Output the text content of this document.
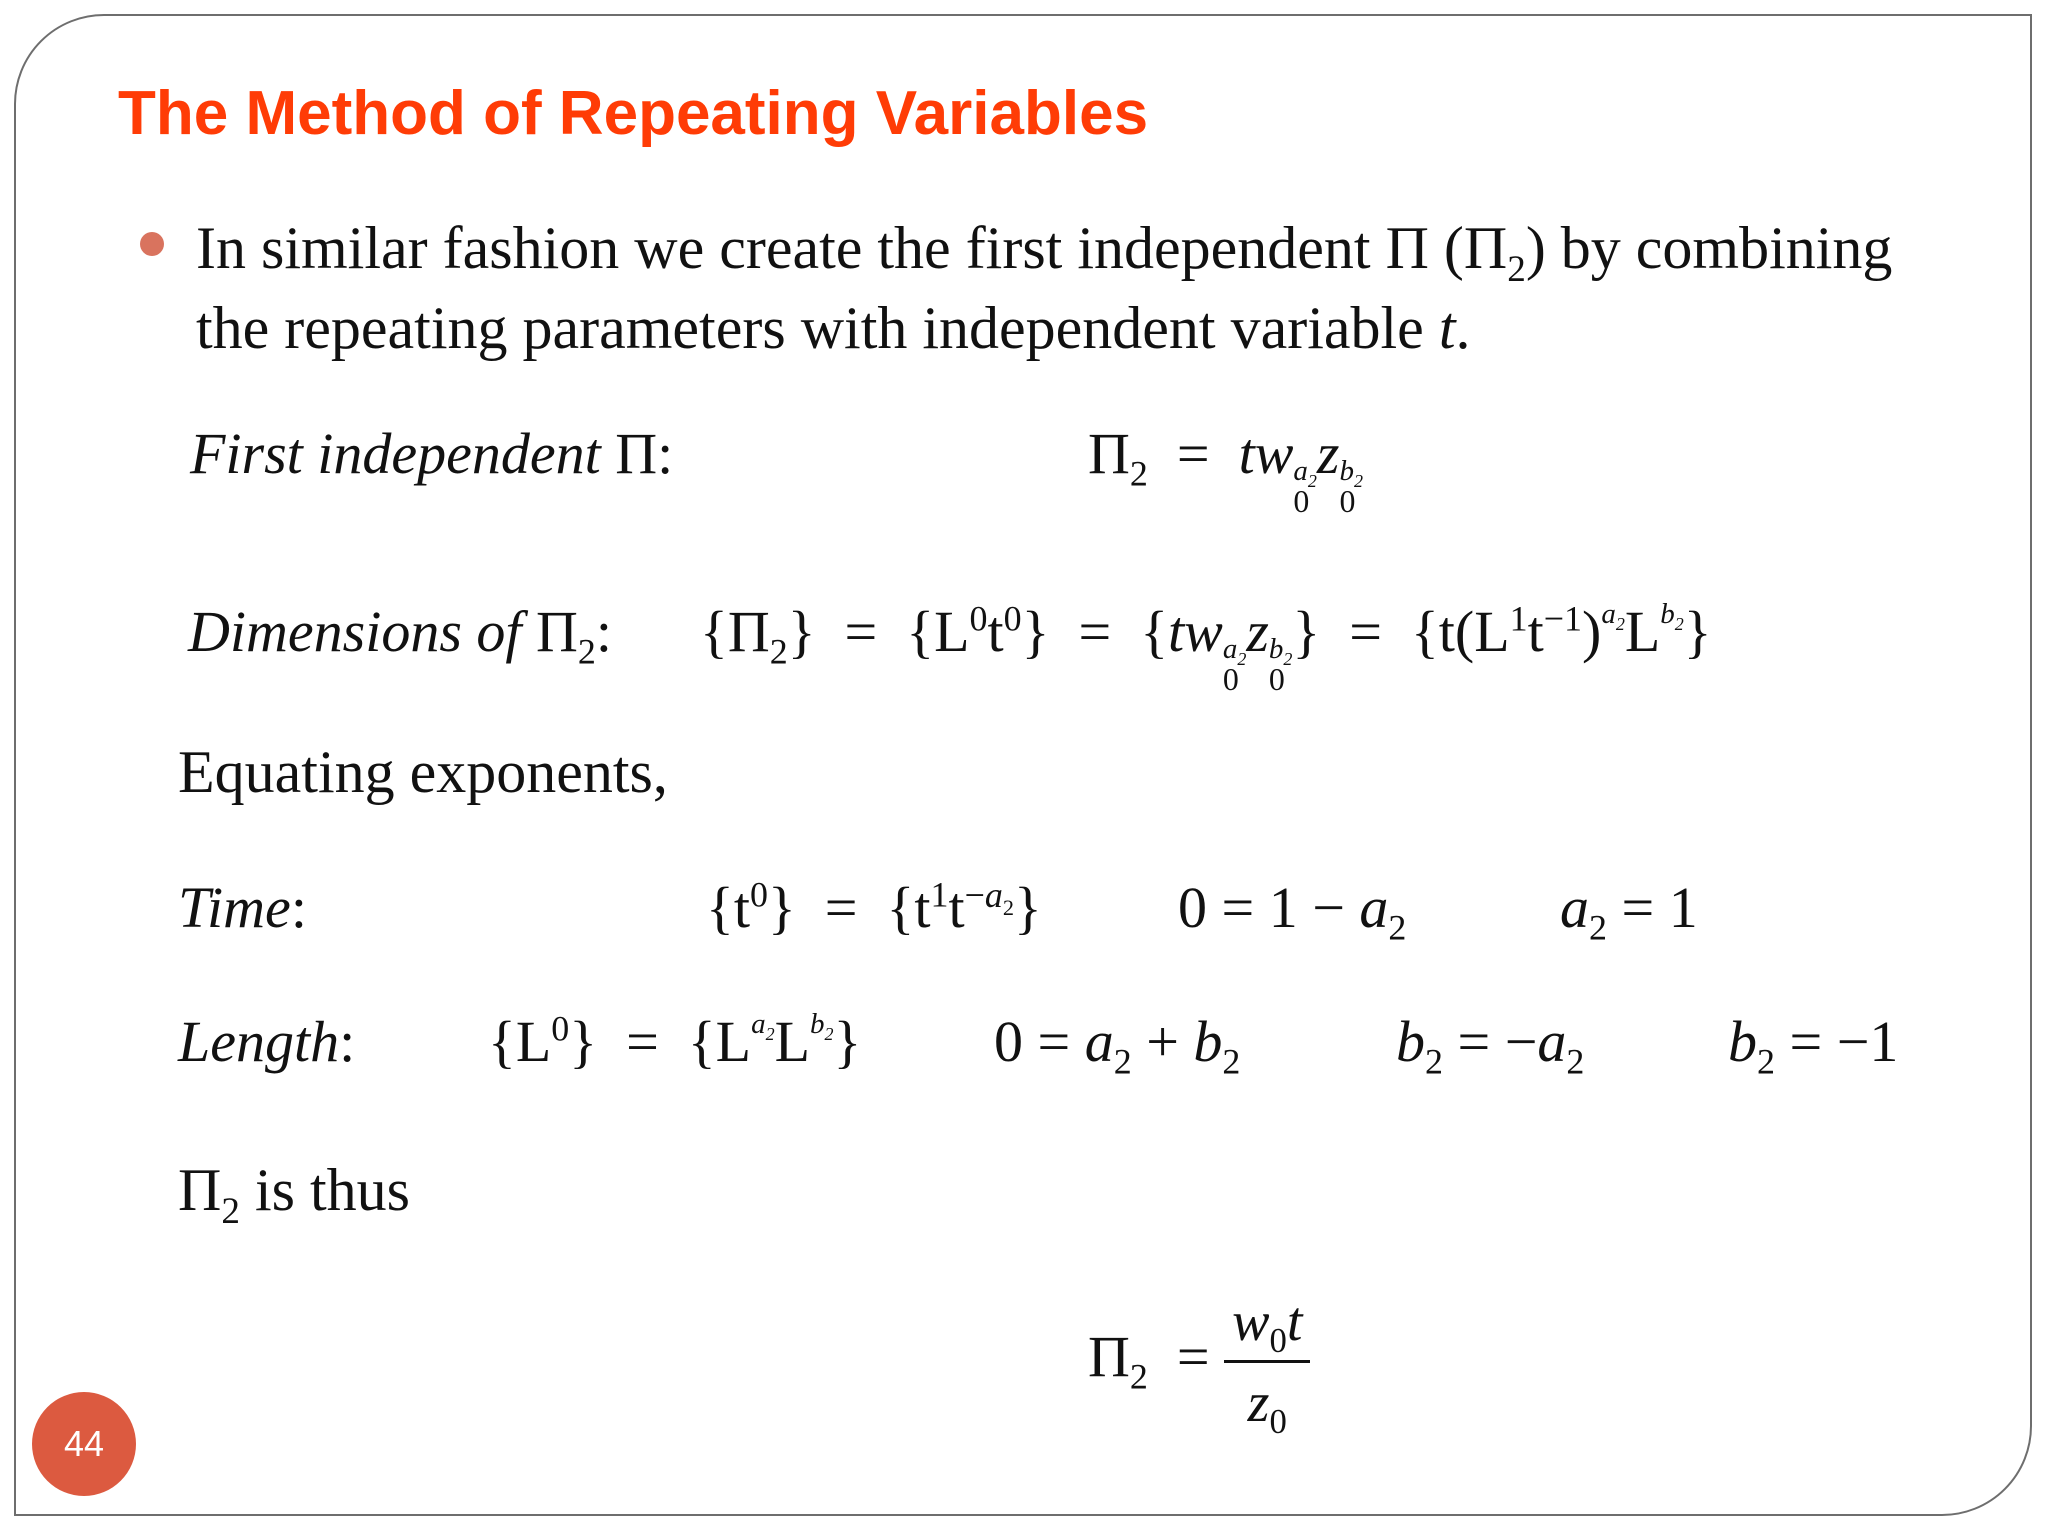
The Method of Repeating Variables
In similar fashion we create the first independent Π $(\Pi_2)$ by combining the repeating parameters with independent variable t.
First independent Π:	$\Pi_2$  =  tw $a_2$
0
z $b_2$
0
Dimensions of $\Pi_2$: $\{\Pi_2\} = \{L^0t^0\} = \{tw$ $a_2$
0
z $b_2$
0
}  =  $\{t(L^1t^{-1})^{a_2}L^{b_2}\}$
Equating exponents,
Time:	$\{t^0\} = \{t^1t^{-a_2}\} 0 = 1 - a_2$	$a_2 = 1$
Length: $\{L^0\} = \{L^{a_2}L^{b_2}\} 0 = a_2 + b_2$	$b_2 = -a_2$ $b_2 = -1$
$\Pi_2$ is thus
$\Pi_2 = \frac{w_0t}{z_0}$
44
